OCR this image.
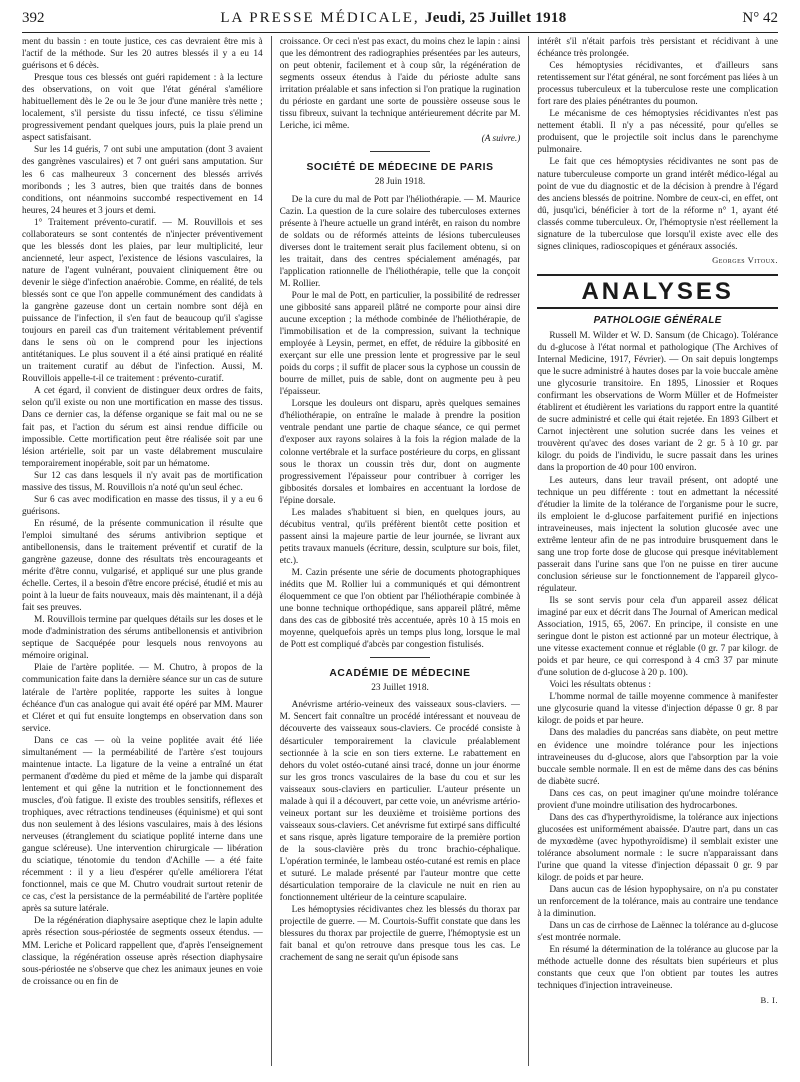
392	LA PRESSE MÉDICALE, Jeudi, 25 Juillet 1918	N° 42

ment du bassin : en toute justice, ces cas devraient être mis à l'actif de la méthode. Sur les 20 autres blessés il y a eu 14 guérisons et 6 décès.

Presque tous ces blessés ont guéri rapidement : à la lecture des observations, on voit que l'état général s'améliore habituellement dès le 2e ou le 3e jour d'une manière très nette ; localement, s'il persiste du tissu infecté, ce tissu s'élimine progressivement pendant quelques jours, puis la plaie prend un aspect satisfaisant.

Sur les 14 guéris, 7 ont subi une amputation (dont 3 avaient des gangrènes vasculaires) et 7 ont guéri sans amputation. Sur les 6 cas malheureux 3 concernent des blessés arrivés moribonds ; les 3 autres, bien que traités dans de bonnes conditions, ont néanmoins succombé respectivement en 14 heures, 24 heures et 3 jours et demi.

1° Traitement prévento-curatif. — M. Rouvillois et ses collaborateurs se sont contentés de n'injecter préventivement que les blessés dont les plaies, par leur multiplicité, leur ancienneté, leur aspect, l'existence de lésions vasculaires, la nature de l'agent vulnérant, pouvaient cliniquement être ou devenir le siège d'infection anaérobie. Comme, en réalité, de tels blessés sont ce que l'on appelle communément des candidats à la gangrène gazeuse dont un certain nombre sont déjà en puissance de l'infection, il s'en faut de beaucoup qu'il s'agisse toujours en pareil cas d'un traitement véritablement préventif dans le sens où on le comprend pour les injections antitétaniques. Le plus souvent il a été ainsi pratiqué en réalité un traitement curatif au début de l'infection. Aussi, M. Rouvillois appelle-t-il ce traitement : prévento-curatif.

A cet égard, il convient de distinguer deux ordres de faits, selon qu'il existe ou non une mortification en masse des tissus. Dans ce dernier cas, la défense organique se fait mal ou ne se fait pas, et l'action du sérum est ainsi rendue difficile ou impossible. Cette mortification peut être réalisée soit par une lésion artérielle, soit par un vaste délabrement musculaire temporairement inopérable, soit par un hématome.

Sur 12 cas dans lesquels il n'y avait pas de mortification massive des tissus, M. Rouvillois n'a noté qu'un seul échec.

Sur 6 cas avec modification en masse des tissus, il y a eu 6 guérisons.

En résumé, de la présente communication il résulte que l'emploi simultané des sérums antivibrion septique et antibellonensis, dans le traitement préventif et curatif de la gangrène gazeuse, donne des résultats très encourageants et mérite d'être connu, vulgarisé, et appliqué sur une plus grande échelle. Certes, il a besoin d'être encore précisé, étudié et mis au point à la lueur de faits nouveaux, mais dès maintenant, il a déjà fait ses preuves.

M. Rouvillois termine par quelques détails sur les doses et le mode d'administration des sérums antibellonensis et antivibrion septique de Sacquépée pour lesquels nous renvoyons au mémoire original.

Plaie de l'artère poplitée. — M. Chutro, à propos de la communication faite dans la dernière séance sur un cas de suture latérale de l'artère poplitée, rapporte les suites à longue échéance d'un cas analogue qui avait été opéré par MM. Maurer et Cléret et qui fut ensuite longtemps en observation dans son service.

Dans ce cas — où la veine poplitée avait été liée simultanément — la perméabilité de l'artère s'est toujours maintenue intacte. La ligature de la veine a entraîné un état permanent d'œdème du pied et même de la jambe qui disparaît lentement et qui gêne la nutrition et le fonctionnement des muscles, d'où fatigue. Il existe des troubles sensitifs, réflexes et trophiques, avec rétractions tendineuses (équinisme) et qui sont dus non seulement à des lésions vasculaires, mais à des lésions nerveuses (étranglement du sciatique poplité interne dans une gangue scléreuse). Une intervention chirurgicale — libération du sciatique, ténotomie du tendon d'Achille — a été faite récemment : il y a lieu d'espérer qu'elle améliorera l'état fonctionnel, mais ce que M. Chutro voudrait surtout retenir de ce cas, c'est la persistance de la perméabilité de l'artère poplitée après sa suture latérale.

De la régénération diaphysaire aseptique chez le lapin adulte après résection sous-périostée de segments osseux étendus. — MM. Leriche et Policard rappellent que, d'après l'enseignement classique, la régénération osseuse après résection diaphysaire sous-périostée ne s'observe que chez les animaux jeunes en voie de croissance ou en fin de

croissance. Or ceci n'est pas exact, du moins chez le lapin : ainsi que les démontrent des radiographies présentées par les auteurs, on peut obtenir, facilement et à coup sûr, la régénération de segments osseux étendus à l'aide du périoste adulte sans irritation préalable et sans infection si l'on pratique la rugination du périoste en gardant une sorte de poussière osseuse sous le tissu fibreux, suivant la technique antérieurement décrite par M. Leriche, ici même.

(A suivre.)
SOCIÉTÉ DE MÉDECINE DE PARIS
28 Juin 1918.

De la cure du mal de Pott par l'héliothérapie. — M. Maurice Cazin. La question de la cure solaire des tuberculoses externes présente à l'heure actuelle un grand intérêt, en raison du nombre de soldats ou de réformés atteints de lésions tuberculeuses diverses dont le traitement serait plus facilement obtenu, si on les traitait, dans des centres spécialement aménagés, par l'application rationnelle de l'héliothérapie, telle que la conçoit M. Rollier.

Pour le mal de Pott, en particulier, la possibilité de redresser une gibbosité sans appareil plâtré ne comporte pour ainsi dire aucune exception ; la méthode combinée de l'héliothérapie, de l'immobilisation et de la compression, suivant la technique employée à Leysin, permet, en effet, de réduire la gibbosité en exerçant sur elle une pression lente et progressive par le seul poids du corps ; il suffit de placer sous la cyphose un coussin de bourre de millet, puis de sable, dont on augmente peu à peu l'épaisseur.

Lorsque les douleurs ont disparu, après quelques semaines d'héliothérapie, on entraîne le malade à prendre la position ventrale pendant une partie de chaque séance, ce qui permet d'exposer aux rayons solaires à la fois la région malade de la colonne vertébrale et la surface postérieure du corps, en glissant sous le thorax un coussin très dur, dont on augmente progressivement l'épaisseur pour contribuer à corriger les gibbosités dorsales et lombaires en accentuant la lordose de l'épine dorsale.

Les malades s'habituent si bien, en quelques jours, au décubitus ventral, qu'ils préfèrent bientôt cette position et passent ainsi la majeure partie de leur journée, se livrant aux petits travaux manuels (écriture, dessin, sculpture sur bois, filet, etc.).

M. Cazin présente une série de documents photographiques inédits que M. Rollier lui a communiqués et qui démontrent éloquemment ce que l'on obtient par l'héliothérapie combinée à une bonne technique orthopédique, sans appareil plâtré, même dans des cas de gibbosité très accentuée, après 10 à 15 mois en moyenne, quelquefois après un temps plus long, lorsque le mal de Pott est compliqué d'abcès par congestion fistulisés.

ACADÉMIE DE MÉDECINE
23 Juillet 1918.

Anévrisme artério-veineux des vaisseaux sous-claviers. — M. Sencert fait connaître un procédé intéressant et nouveau de découverte des vaisseaux sous-claviers. Ce procédé consiste à désarticuler temporairement la clavicule préalablement sectionnée à la scie en son tiers externe. Le rabattement en dehors du volet ostéo-cutané ainsi tracé, donne un jour énorme sur les gros troncs vasculaires de la base du cou et sur les vaisseaux sous-claviers en particulier. L'auteur présente un malade à qui il a découvert, par cette voie, un anévrisme artério-veineux portant sur les deuxième et troisième portions des vaisseaux sous-claviers. Cet anévrisme fut extirpé sans difficulté et sans risque, après ligature temporaire de la première portion de la sous-clavière près du tronc brachio-céphalique. L'opération terminée, le lambeau ostéo-cutané est remis en place et suturé. Le malade présenté par l'auteur montre que cette désarticulation temporaire de la clavicule ne nuit en rien au fonctionnement ultérieur de la ceinture scapulaire.

Les hémoptysies récidivantes chez les blessés du thorax par projectile de guerre. — M. Courtois-Suffit constate que dans les blessures du thorax par projectile de guerre, l'hémoptysie est un fait banal et qu'on retrouve dans presque tous les cas. Le crachement de sang ne serait qu'un épisode sans

intérêt s'il n'était parfois très persistant et récidivant à une échéance très prolongée.

Ces hémoptysies récidivantes, et d'ailleurs sans retentissement sur l'état général, ne sont forcément pas liées à un processus tuberculeux et la tuberculose reste une complication fort rare des plaies pénétrantes du poumon.

Le mécanisme de ces hémoptysies récidivantes n'est pas nettement établi. Il n'y a pas nécessité, pour qu'elles se produisent, que le projectile soit inclus dans le parenchyme pulmonaire.

Le fait que ces hémoptysies récidivantes ne sont pas de nature tuberculeuse comporte un grand intérêt médico-légal au point de vue du diagnostic et de la décision à prendre à l'égard des anciens blessés de poitrine. Nombre de ceux-ci, en effet, ont dû, jusqu'ici, bénéficier à tort de la réforme n° 1, ayant été classés comme tuberculeux. Or, l'hémoptysie n'est réellement la signature de la tuberculose que lorsqu'il existe avec elle des signes cliniques, radioscopiques et généraux associés.

Georges Vitoux.
ANALYSES
PATHOLOGIE GÉNÉRALE

Russell M. Wilder et W. D. Sansum (de Chicago). Tolérance du d-glucose à l'état normal et pathologique (The Archives of Internal Medicine, 1917, Février). — On sait depuis longtemps que le sucre administré à hautes doses par la voie buccale amène une glycosurie transitoire. En 1895, Linossier et Roques confirmant les observations de Worm Müller et de Hofmeister établirent et étudièrent les variations du rapport entre la quantité de sucre administré et celle qui était rejetée. En 1893 Gilbert et Carnot injectèrent une solution sucrée dans les veines et trouvèrent qu'avec des doses variant de 2 gr. 5 à 10 gr. par kilogr. du poids de l'individu, le sucre passait dans les urines dans la proportion de 40 pour 100 environ.

Les auteurs, dans leur travail présent, ont adopté une technique un peu différente : tout en admettant la nécessité d'étudier la limite de la tolérance de l'organisme pour le sucre, ils emploient le d-glucose parfaitement purifié en injections intraveineuses, mais injectent la solution glucosée avec une extrême lenteur afin de ne pas introduire brusquement dans le sang une trop forte dose de glucose qui presque inévitablement passerait dans l'urine sans que l'on ne puisse en tirer aucune conclusion sérieuse sur le fonctionnement de l'appareil glyco-régulateur.

Ils se sont servis pour cela d'un appareil assez délicat imaginé par eux et décrit dans The Journal of American medical Association, 1915, 65, 2067. En principe, il consiste en une seringue dont le piston est actionné par un moteur électrique, à une vitesse exactement connue et réglable (0 gr. 7 par kilogr. de poids et par heure, ce qui correspond à 4 cm3 37 par minute d'une solution de d-glucose à 20 p. 100).

Voici les résultats obtenus :

L'homme normal de taille moyenne commence à manifester une glycosurie quand la vitesse d'injection dépasse 0 gr. 8 par kilogr. de poids et par heure.

Dans des maladies du pancréas sans diabète, on peut mettre en évidence une moindre tolérance pour les injections intraveineuses du d-glucose, alors que l'absorption par la voie buccale semble normale. Il en est de même dans des cas bénins de diabète sucré.

Dans ces cas, on peut imaginer qu'une moindre tolérance provient d'une moindre utilisation des hydrocarbones.

Dans des cas d'hyperthyroïdisme, la tolérance aux injections glucosées est uniformément abaissée. D'autre part, dans un cas de myxœdème (avec hypothyroïdisme) il semblait exister une tolérance absolument normale : le sucre n'apparaissant dans l'urine que quand la vitesse d'injection dépassait 0 gr. 9 par kilogr. de poids et par heure.

Dans aucun cas de lésion hypophysaire, on n'a pu constater un renforcement de la tolérance, mais au contraire une tendance à la diminution.

Dans un cas de cirrhose de Laënnec la tolérance au d-glucose s'est montrée normale.

En résumé la détermination de la tolérance au glucose par la méthode actuelle donne des résultats bien supérieurs et plus constants que ceux que l'on obtient par toutes les autres techniques d'injection intraveineuse.

B. I.
